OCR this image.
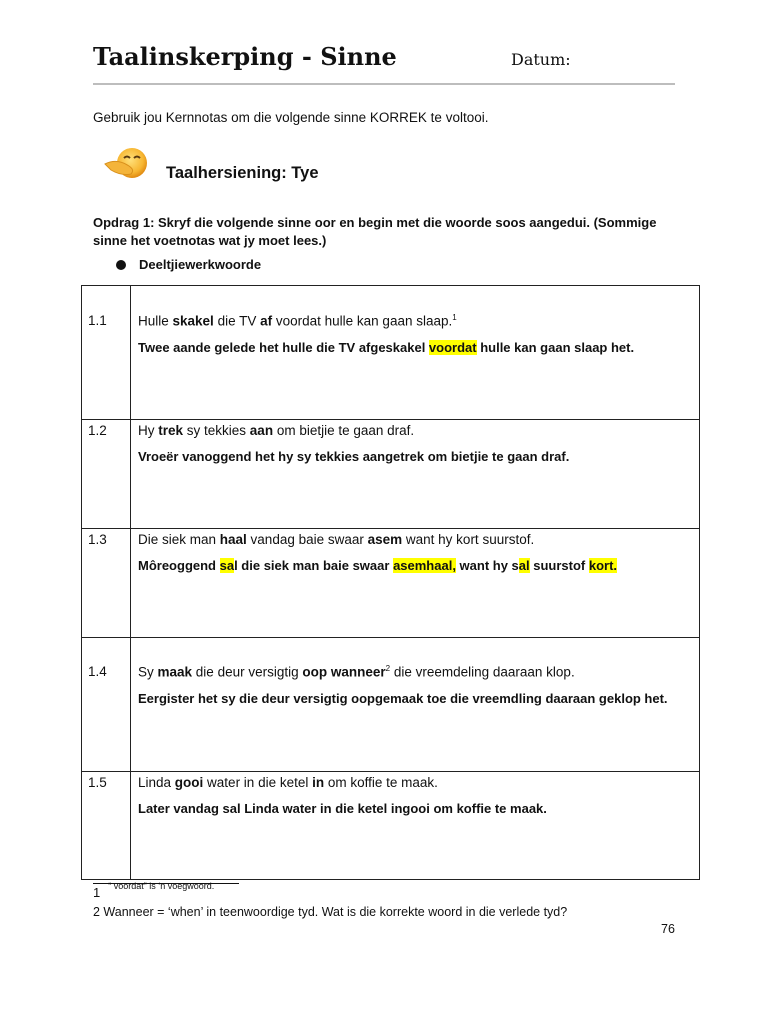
Taalinskerping - Sinne	Datum:
Gebruik jou Kernnotas om die volgende sinne KORREK te voltooi.
Taalhersiening: Tye
Opdrag 1: Skryf die volgende sinne oor en begin met die woorde soos aangedui. (Sommige sinne het voetnotas wat jy moet lees.)
Deeltjiewerkwoorde
1.1	Hulle skakel die TV af voordat hulle kan gaan slaap.$^1$
Twee aande gelede het hulle die TV afgeskakel voordat hulle kan gaan slaap het.

1.2	Hy trek sy tekkies aan om bietjie te gaan draf.
Vroeër vanoggend het hy sy tekkies aangetrek om bietjie te gaan draf.

1.3	Die siek man haal vandag baie swaar asem want hy kort suurstof.
Môreoggend sal die siek man baie swaar asemhaal, want hy sal suurstof kort.

1.4	Sy maak die deur versigtig oop wanneer$^2$ die vreemdeling daaraan klop.
Eergister het sy die deur versigtig oopgemaak toe die vreemdling daaraan geklop het.

1.5	Linda gooi water in die ketel in om koffie te maak.
Later vandag sal Linda water in die ketel ingooi om koffie te maak.
1 $^{“ voordat” is ‘n voegwoord.}$
2 Wanneer = ‘when’ in teenwoordige tyd. Wat is die korrekte woord in die verlede tyd?
76
